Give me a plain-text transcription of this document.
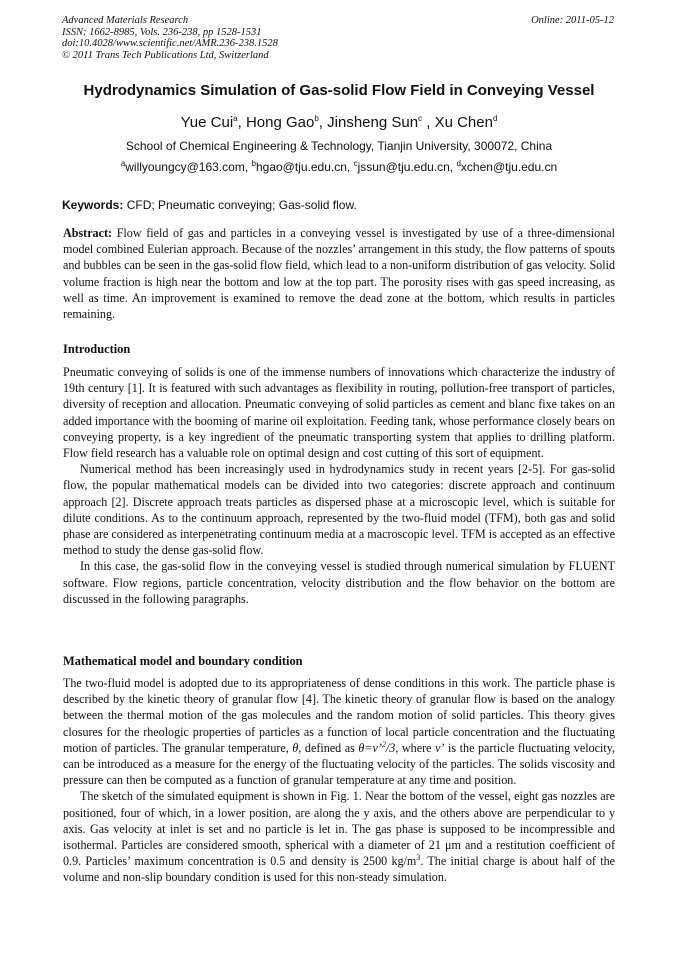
Advanced Materials Research
ISSN: 1662-8985, Vols. 236-238, pp 1528-1531
doi:10.4028/www.scientific.net/AMR.236-238.1528
© 2011 Trans Tech Publications Ltd, Switzerland
Online: 2011-05-12
Hydrodynamics Simulation of Gas-solid Flow Field in Conveying Vessel
Yue Cui$^a$, Hong Gao$^b$, Jinsheng Sun$^c$ , Xu Chen$^d$
School of Chemical Engineering & Technology, Tianjin University, 300072, China
$^a$willyoungcy@163.com, $^b$hgao@tju.edu.cn, $^c$jssun@tju.edu.cn, $^d$xchen@tju.edu.cn
Keywords: CFD; Pneumatic conveying; Gas-solid flow.

Abstract: Flow field of gas and particles in a conveying vessel is investigated by use of a three-dimensional model combined Eulerian approach. Because of the nozzles’ arrangement in this study, the flow patterns of spouts and bubbles can be seen in the gas-solid flow field, which lead to a non-uniform distribution of gas velocity. Solid volume fraction is high near the bottom and low at the top part. The porosity rises with gas speed increasing, as well as time. An improvement is examined to remove the dead zone at the bottom, which results in particles remaining.

Introduction

Pneumatic conveying of solids is one of the immense numbers of innovations which characterize the industry of 19th century [1]. It is featured with such advantages as flexibility in routing, pollution-free transport of particles, diversity of reception and allocation. Pneumatic conveying of solid particles as cement and blanc fixe takes on an added importance with the booming of marine oil exploitation. Feeding tank, whose performance closely bears on conveying property, is a key ingredient of the pneumatic transporting system that applies to drilling platform. Flow field research has a valuable role on optimal design and cost cutting of this sort of equipment.

Numerical method has been increasingly used in hydrodynamics study in recent years [2-5]. For gas-solid flow, the popular mathematical models can be divided into two categories: discrete approach and continuum approach [2]. Discrete approach treats particles as dispersed phase at a microscopic level, which is suitable for dilute conditions. As to the continuum approach, represented by the two-fluid model (TFM), both gas and solid phase are considered as interpenetrating continuum media at a macroscopic level. TFM is accepted as an effective method to study the dense gas-solid flow.

In this case, the gas-solid flow in the conveying vessel is studied through numerical simulation by FLUENT software. Flow regions, particle concentration, velocity distribution and the flow behavior on the bottom are discussed in the following paragraphs.

Mathematical model and boundary condition

The two-fluid model is adopted due to its appropriateness of dense conditions in this work. The particle phase is described by the kinetic theory of granular flow [4]. The kinetic theory of granular flow is based on the analogy between the thermal motion of the gas molecules and the random motion of solid particles. This theory gives closures for the rheologic properties of particles as a function of local particle concentration and the fluctuating motion of particles. The granular temperature, θ, defined as θ=v’$^2$/3, where v’ is the particle fluctuating velocity, can be introduced as a measure for the energy of the fluctuating velocity of the particles. The solids viscosity and pressure can then be computed as a function of granular temperature at any time and position.

The sketch of the simulated equipment is shown in Fig. 1. Near the bottom of the vessel, eight gas nozzles are positioned, four of which, in a lower position, are along the y axis, and the others above are perpendicular to y axis. Gas velocity at inlet is set and no particle is let in. The gas phase is supposed to be incompressible and isothermal. Particles are considered smooth, spherical with a diameter of 21 μm and a restitution coefficient of 0.9. Particles’ maximum concentration is 0.5 and density is 2500 $kg/m^3$. The initial charge is about half of the volume and non-slip boundary condition is used for this non-steady simulation.
